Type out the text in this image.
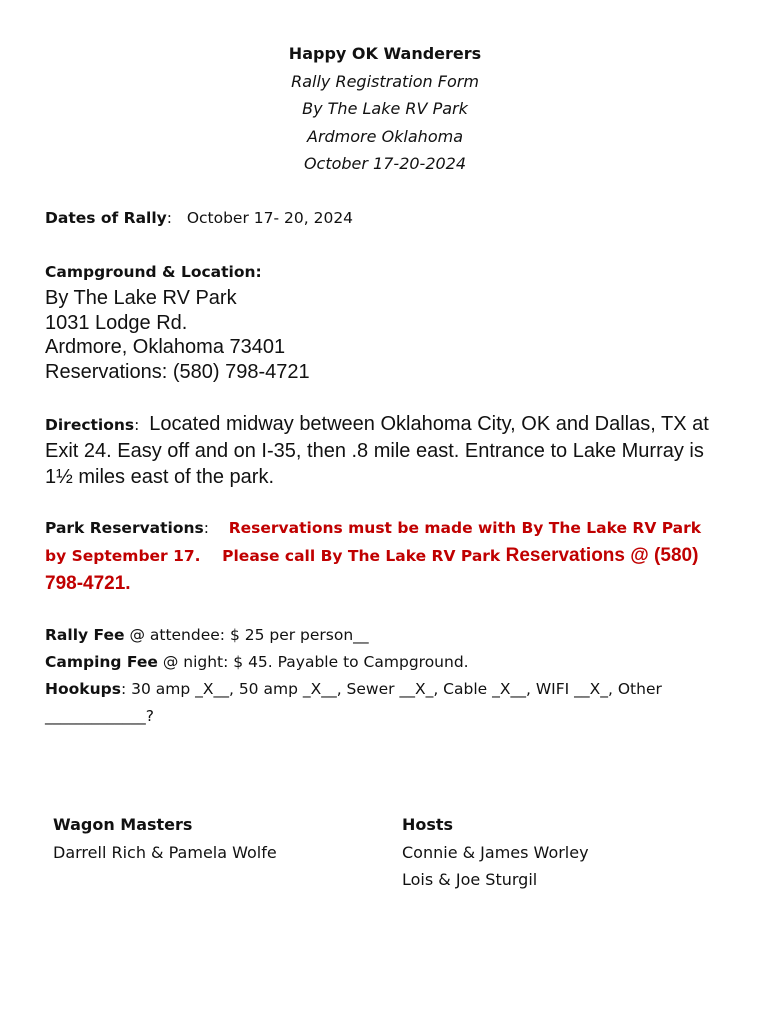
Happy OK Wanderers
Rally Registration Form
By The Lake RV Park
Ardmore Oklahoma
October 17-20-2024
Dates of Rally:   October 17- 20, 2024
Campground & Location:
By The Lake RV Park
1031 Lodge Rd.
Ardmore, Oklahoma 73401
Reservations: (580) 798-4721
Directions:  Located midway between Oklahoma City, OK and Dallas, TX at Exit 24. Easy off and on I-35, then .8 mile east. Entrance to Lake Murray is 1½ miles east of the park.
Park Reservations:    Reservations must be made with By The Lake RV Park by September 17.    Please call By The Lake RV Park Reservations @ (580) 798-4721.
Rally Fee @ attendee: $ 25 per person__
Camping Fee @ night: $ 45. Payable to Campground.
Hookups: 30 amp _X__, 50 amp _X__, Sewer __X_, Cable _X__, WIFI __X_, Other _____________?
Wagon Masters
Darrell Rich & Pamela Wolfe
Hosts
Connie & James Worley
Lois & Joe Sturgil
